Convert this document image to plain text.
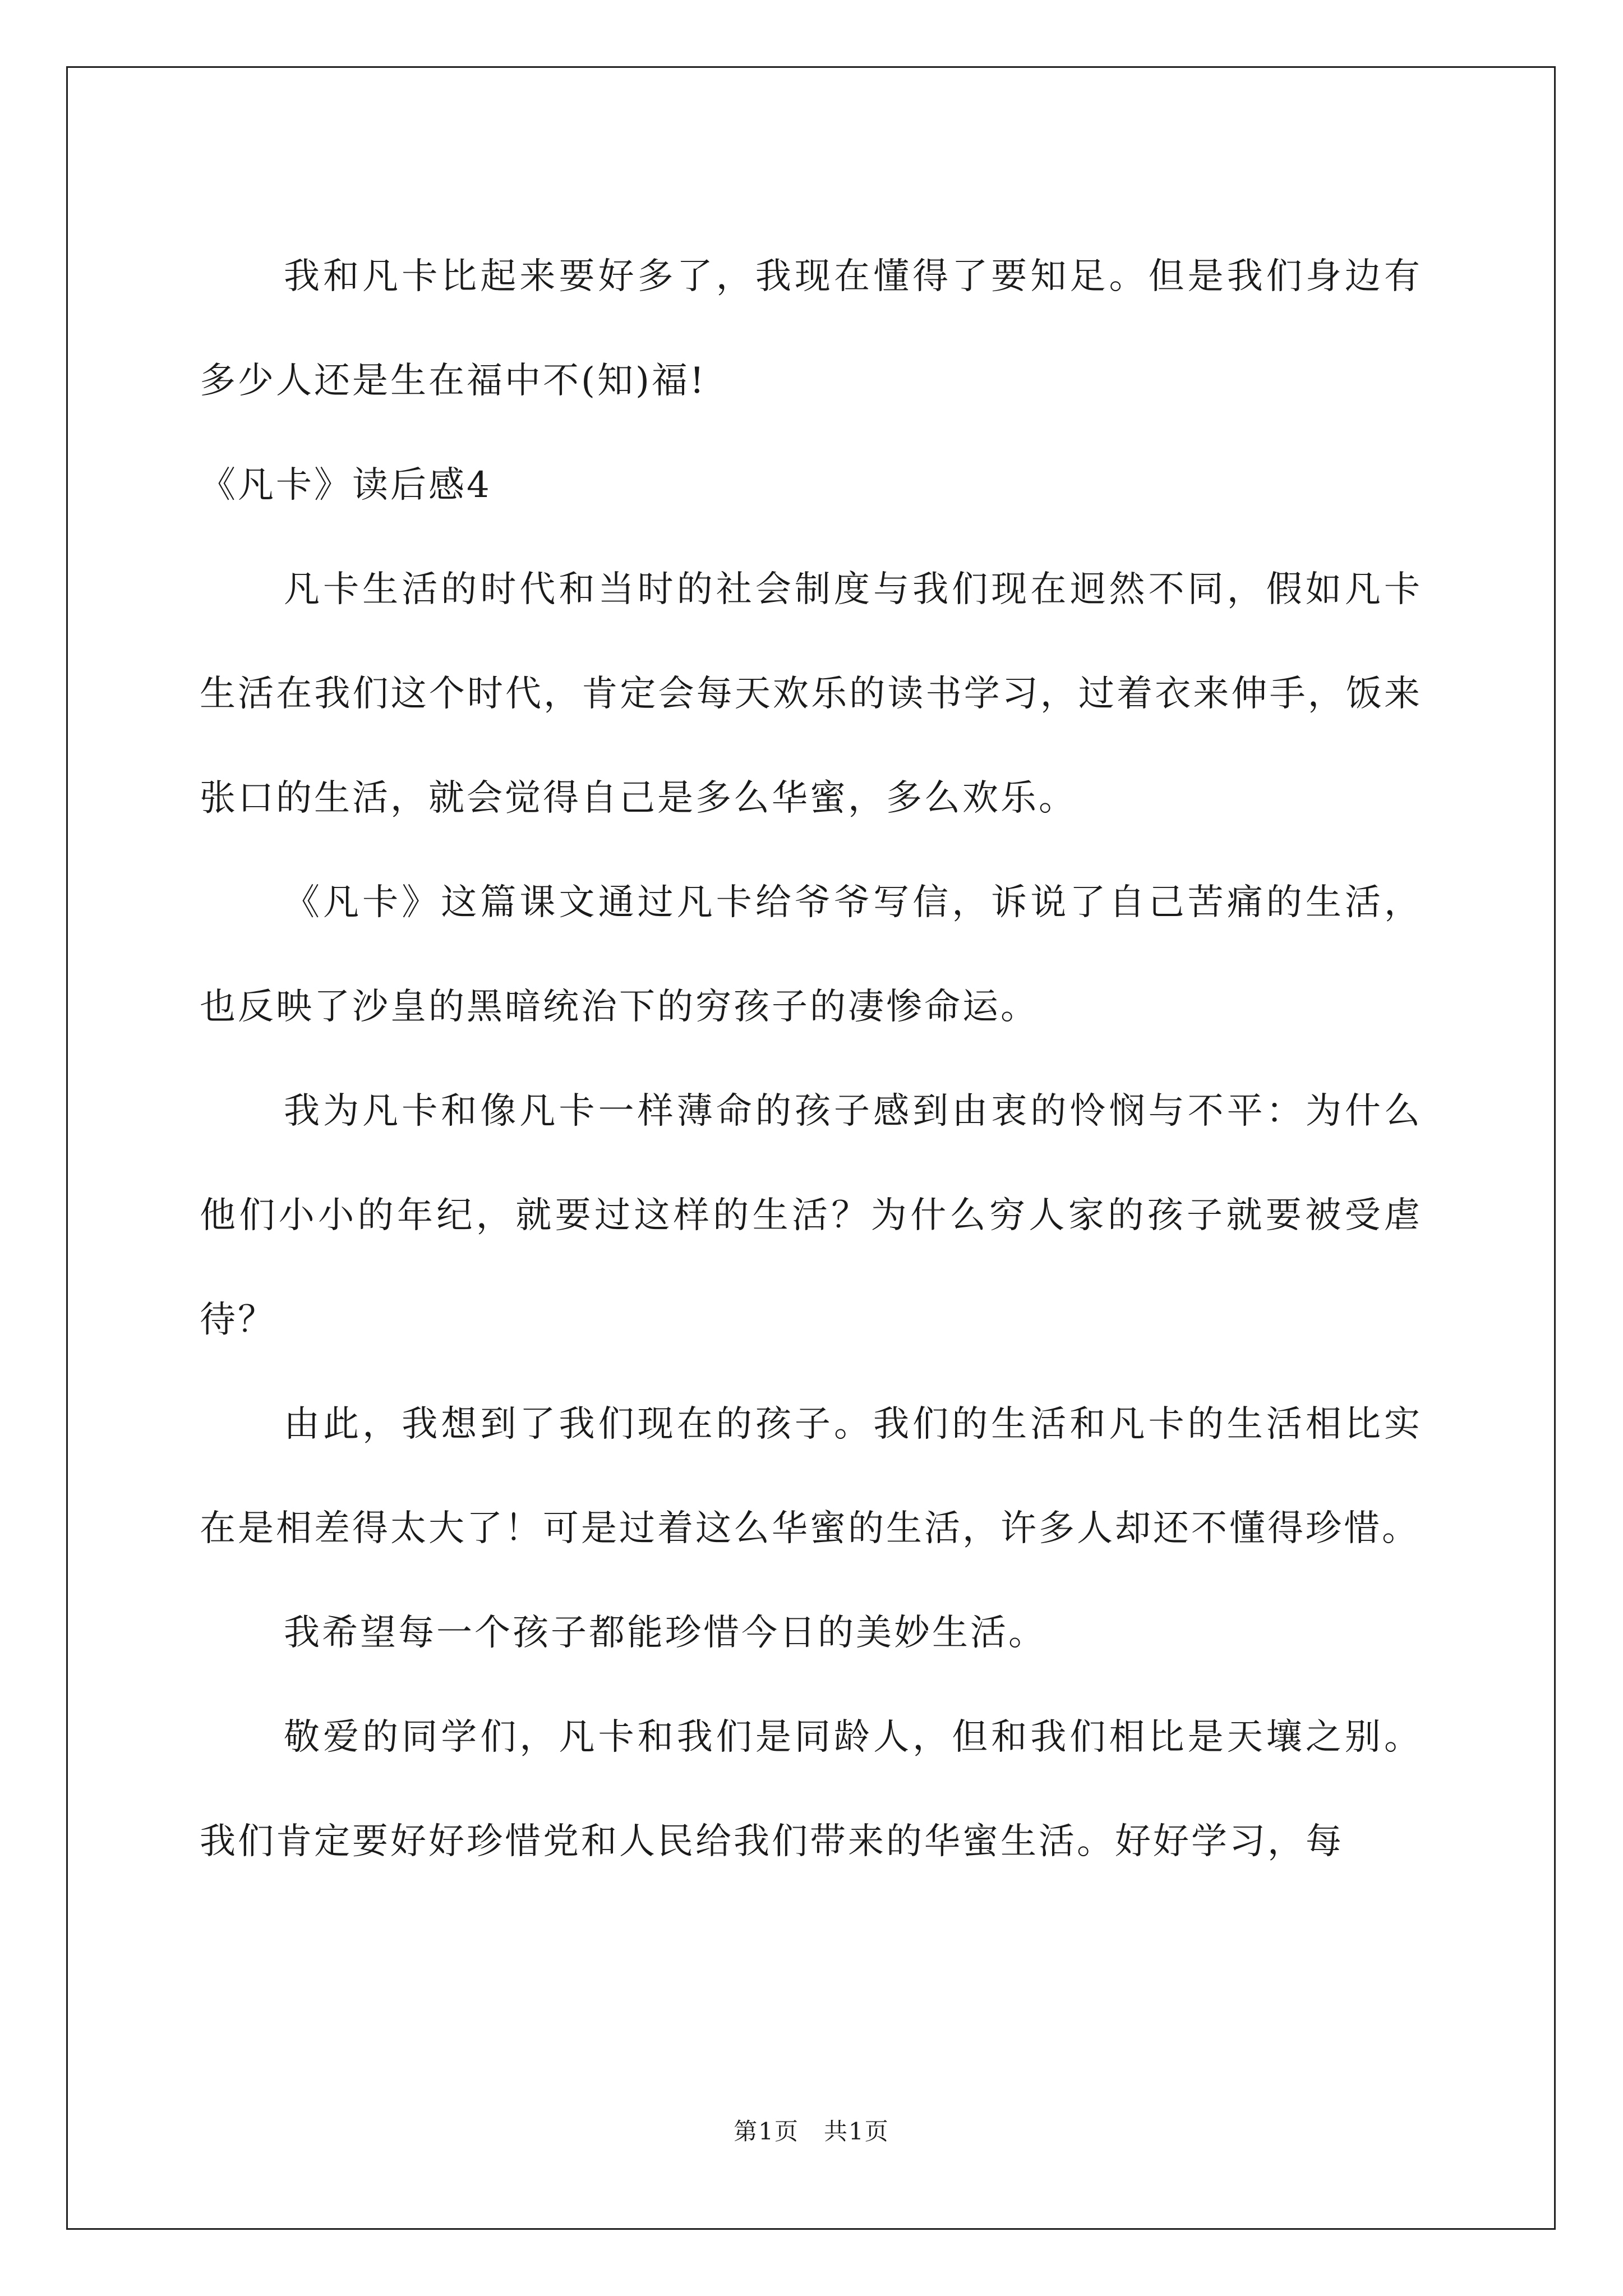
我和凡卡比起来要好多了，我现在懂得了要知足。但是我们身边有多少人还是生在福中不(知)福!

《凡卡》读后感4

凡卡生活的时代和当时的社会制度与我们现在迥然不同，假如凡卡生活在我们这个时代，肯定会每天欢乐的读书学习，过着衣来伸手，饭来张口的生活，就会觉得自己是多么华蜜，多么欢乐。

《凡卡》这篇课文通过凡卡给爷爷写信，诉说了自己苦痛的生活，也反映了沙皇的黑暗统治下的穷孩子的凄惨命运。

我为凡卡和像凡卡一样薄命的孩子感到由衷的怜悯与不平：为什么他们小小的年纪，就要过这样的生活？为什么穷人家的孩子就要被受虐待？

由此，我想到了我们现在的孩子。我们的生活和凡卡的生活相比实在是相差得太大了！可是过着这么华蜜的生活，许多人却还不懂得珍惜。

我希望每一个孩子都能珍惜今日的美妙生活。

敬爱的同学们，凡卡和我们是同龄人，但和我们相比是天壤之别。我们肯定要好好珍惜党和人民给我们带来的华蜜生活。好好学习，每

第1页　共1页
